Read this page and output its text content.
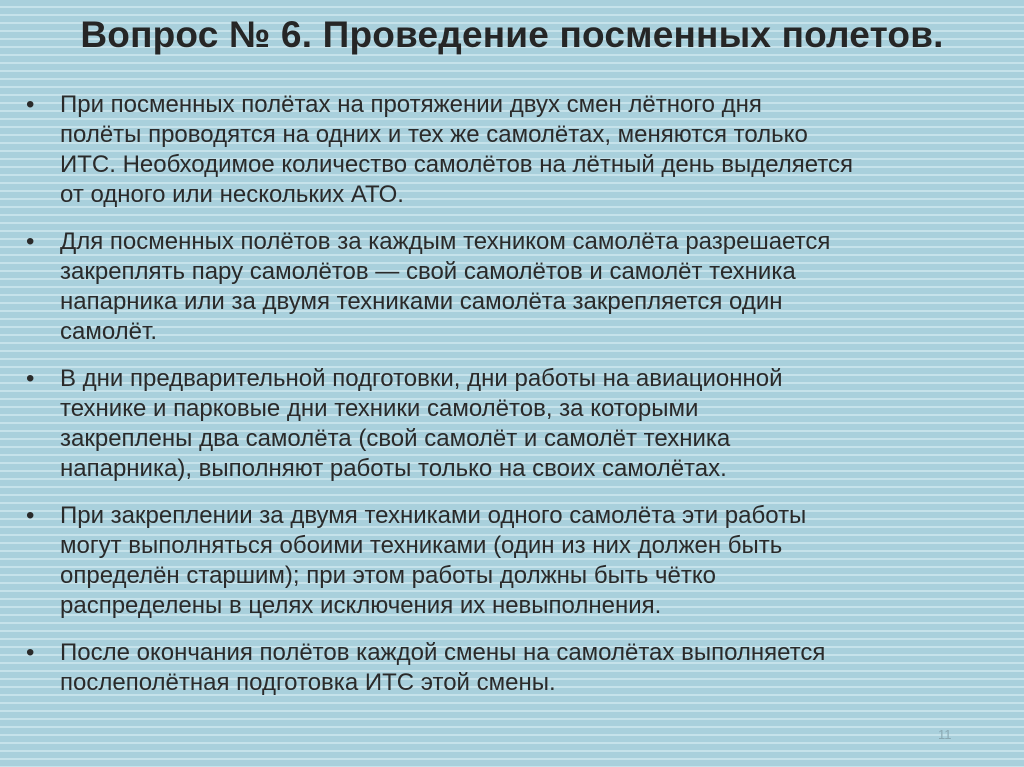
Вопрос № 6. Проведение посменных полетов.
•	При посменных полётах на протяжении двух смен лётного дня
полёты проводятся на одних и тех же самолётах, меняются только
ИТС. Необходимое количество самолётов на лётный день выделяется
от одного или нескольких АТО.
•	Для посменных полётов за каждым техником самолёта разрешается
закреплять пару самолётов — свой самолётов и самолёт техника
напарника или за двумя техниками самолёта закрепляется один
самолёт.
•	В дни предварительной подготовки, дни работы на авиационной
технике и парковые дни техники самолётов, за которыми
закреплены два самолёта (свой самолёт и самолёт техника
напарника), выполняют работы только на своих самолётах.
•	При закреплении за двумя техниками одного самолёта эти работы
могут выполняться обоими техниками (один из них должен быть
определён старшим); при этом работы должны быть чётко
распределены в целях исключения их невыполнения.
•	После окончания полётов каждой смены на самолётах выполняется
послеполётная подготовка ИТС этой смены.
11
